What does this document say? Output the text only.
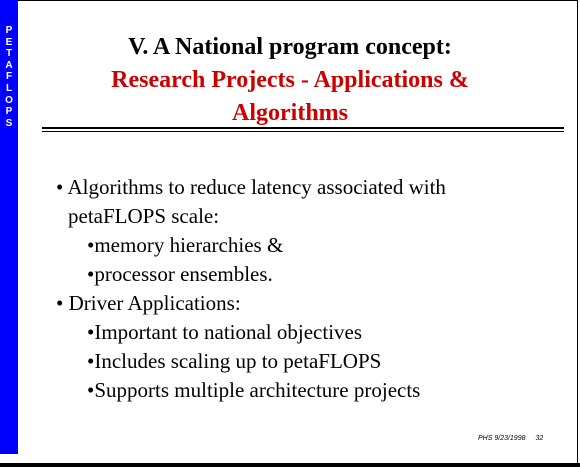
P
E
T
A
F
L
O
P
S
V. A National program concept:
Research Projects - Applications &
Algorithms
• Algorithms to reduce latency associated with
petaFLOPS scale:
•memory hierarchies &
•processor ensembles.
• Driver Applications:
•Important to national objectives
•Includes scaling up to petaFLOPS
•Supports multiple architecture projects
PHS 9/23/1998 32
